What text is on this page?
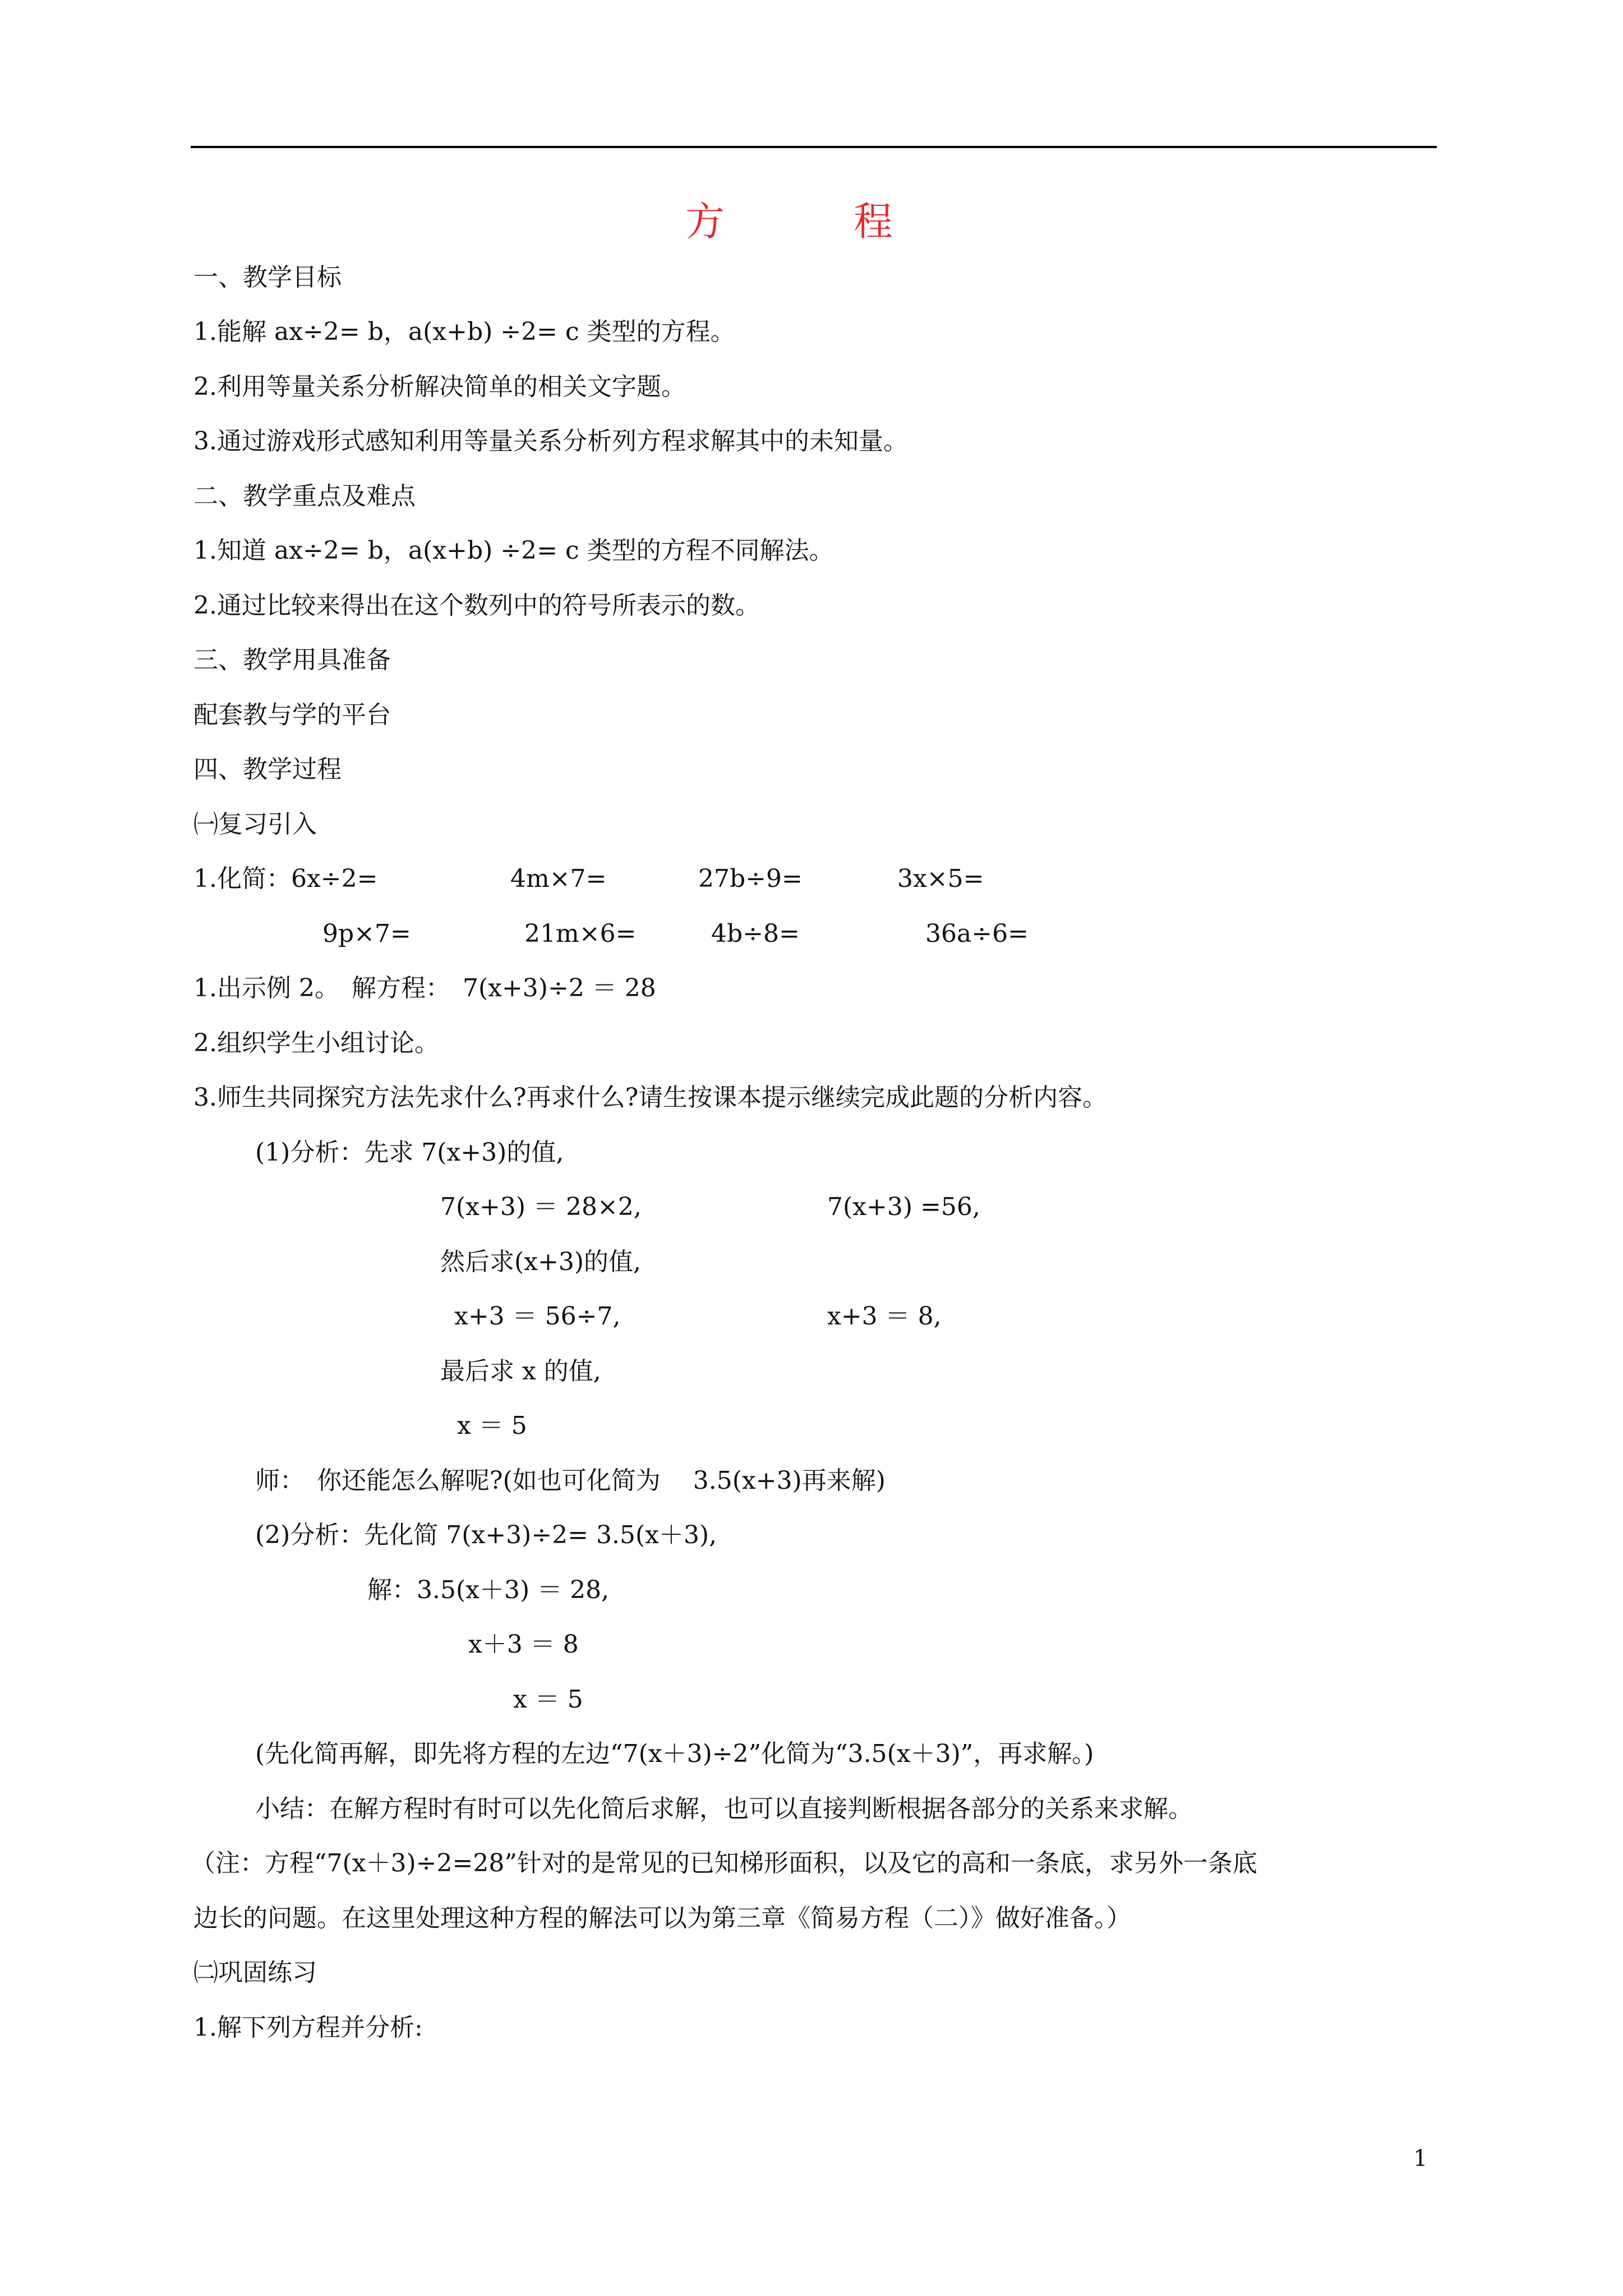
方　程
一、教学目标
1.能解 ax÷2= b，a(x+b) ÷2= c 类型的方程。
2.利用等量关系分析解决简单的相关文字题。
3.通过游戏形式感知利用等量关系分析列方程求解其中的未知量。
二、教学重点及难点
1.知道 ax÷2= b，a(x+b) ÷2= c 类型的方程不同解法。
2.通过比较来得出在这个数列中的符号所表示的数。
三、教学用具准备
配套教与学的平台
四、教学过程
㈠复习引入
1.化简：6x÷2=	4m×7=	27b÷9=	3x×5=
9p×7=	21m×6=	4b÷8=	36a÷6=
1.出示例 2。　解方程：　7(x+3)÷2 ＝ 28
2.组织学生小组讨论。
3.师生共同探究方法先求什么?再求什么?请生按课本提示继续完成此题的分析内容。
(1)分析：先求 7(x+3)的值,
7(x+3) ＝ 28×2,	7(x+3) =56,
然后求(x+3)的值,
x+3 ＝ 56÷7,	x+3 ＝ 8,
最后求 x 的值,
x ＝ 5
师：　你还能怎么解呢?(如也可化简为　 3.5(x+3)再来解)
(2)分析：先化简 7(x+3)÷2= 3.5(x＋3),
解：3.5(x＋3) ＝ 28,
x＋3 ＝ 8
x ＝ 5
(先化简再解，即先将方程的左边“7(x＋3)÷2”化简为“3.5(x＋3)”，再求解。)
小结：在解方程时有时可以先化简后求解，也可以直接判断根据各部分的关系来求解。
（注：方程“7(x＋3)÷2=28”针对的是常见的已知梯形面积，以及它的高和一条底，求另外一条底
边长的问题。在这里处理这种方程的解法可以为第三章《简易方程（二）》做好准备。）
㈡巩固练习
1.解下列方程并分析:
1
